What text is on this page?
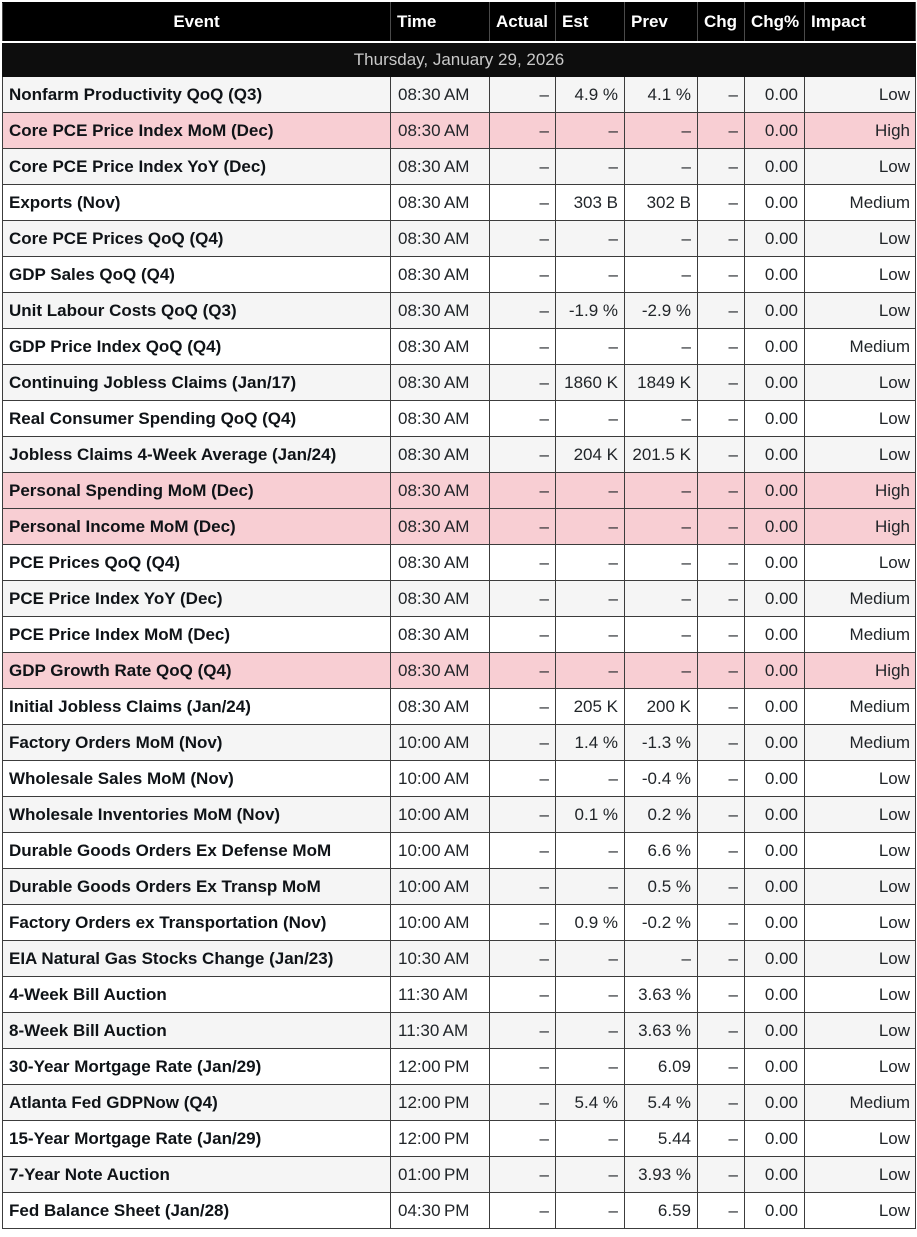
Event	Time	Actual	Est	Prev	Chg	Chg%	Impact
Thursday, January 29, 2026							
Nonfarm Productivity QoQ (Q3)	08:30 AM	–	4.9 %	4.1 %	–	0.00	Low
Core PCE Price Index MoM (Dec)	08:30 AM	–	–	–	–	0.00	High
Core PCE Price Index YoY (Dec)	08:30 AM	–	–	–	–	0.00	Low
Exports (Nov)	08:30 AM	–	303 B	302 B	–	0.00	Medium
Core PCE Prices QoQ (Q4)	08:30 AM	–	–	–	–	0.00	Low
GDP Sales QoQ (Q4)	08:30 AM	–	–	–	–	0.00	Low
Unit Labour Costs QoQ (Q3)	08:30 AM	–	-1.9 %	-2.9 %	–	0.00	Low
GDP Price Index QoQ (Q4)	08:30 AM	–	–	–	–	0.00	Medium
Continuing Jobless Claims (Jan/17)	08:30 AM	–	1860 K	1849 K	–	0.00	Low
Real Consumer Spending QoQ (Q4)	08:30 AM	–	–	–	–	0.00	Low
Jobless Claims 4-Week Average (Jan/24)	08:30 AM	–	204 K	201.5 K	–	0.00	Low
Personal Spending MoM (Dec)	08:30 AM	–	–	–	–	0.00	High
Personal Income MoM (Dec)	08:30 AM	–	–	–	–	0.00	High
PCE Prices QoQ (Q4)	08:30 AM	–	–	–	–	0.00	Low
PCE Price Index YoY (Dec)	08:30 AM	–	–	–	–	0.00	Medium
PCE Price Index MoM (Dec)	08:30 AM	–	–	–	–	0.00	Medium
GDP Growth Rate QoQ (Q4)	08:30 AM	–	–	–	–	0.00	High
Initial Jobless Claims (Jan/24)	08:30 AM	–	205 K	200 K	–	0.00	Medium
Factory Orders MoM (Nov)	10:00 AM	–	1.4 %	-1.3 %	–	0.00	Medium
Wholesale Sales MoM (Nov)	10:00 AM	–	–	-0.4 %	–	0.00	Low
Wholesale Inventories MoM (Nov)	10:00 AM	–	0.1 %	0.2 %	–	0.00	Low
Durable Goods Orders Ex Defense MoM	10:00 AM	–	–	6.6 %	–	0.00	Low
Durable Goods Orders Ex Transp MoM	10:00 AM	–	–	0.5 %	–	0.00	Low
Factory Orders ex Transportation (Nov)	10:00 AM	–	0.9 %	-0.2 %	–	0.00	Low
EIA Natural Gas Stocks Change (Jan/23)	10:30 AM	–	–	–	–	0.00	Low
4-Week Bill Auction	11:30 AM	–	–	3.63 %	–	0.00	Low
8-Week Bill Auction	11:30 AM	–	–	3.63 %	–	0.00	Low
30-Year Mortgage Rate (Jan/29)	12:00 PM	–	–	6.09	–	0.00	Low
Atlanta Fed GDPNow (Q4)	12:00 PM	–	5.4 %	5.4 %	–	0.00	Medium
15-Year Mortgage Rate (Jan/29)	12:00 PM	–	–	5.44	–	0.00	Low
7-Year Note Auction	01:00 PM	–	–	3.93 %	–	0.00	Low
Fed Balance Sheet (Jan/28)	04:30 PM	–	–	6.59	–	0.00	Low
